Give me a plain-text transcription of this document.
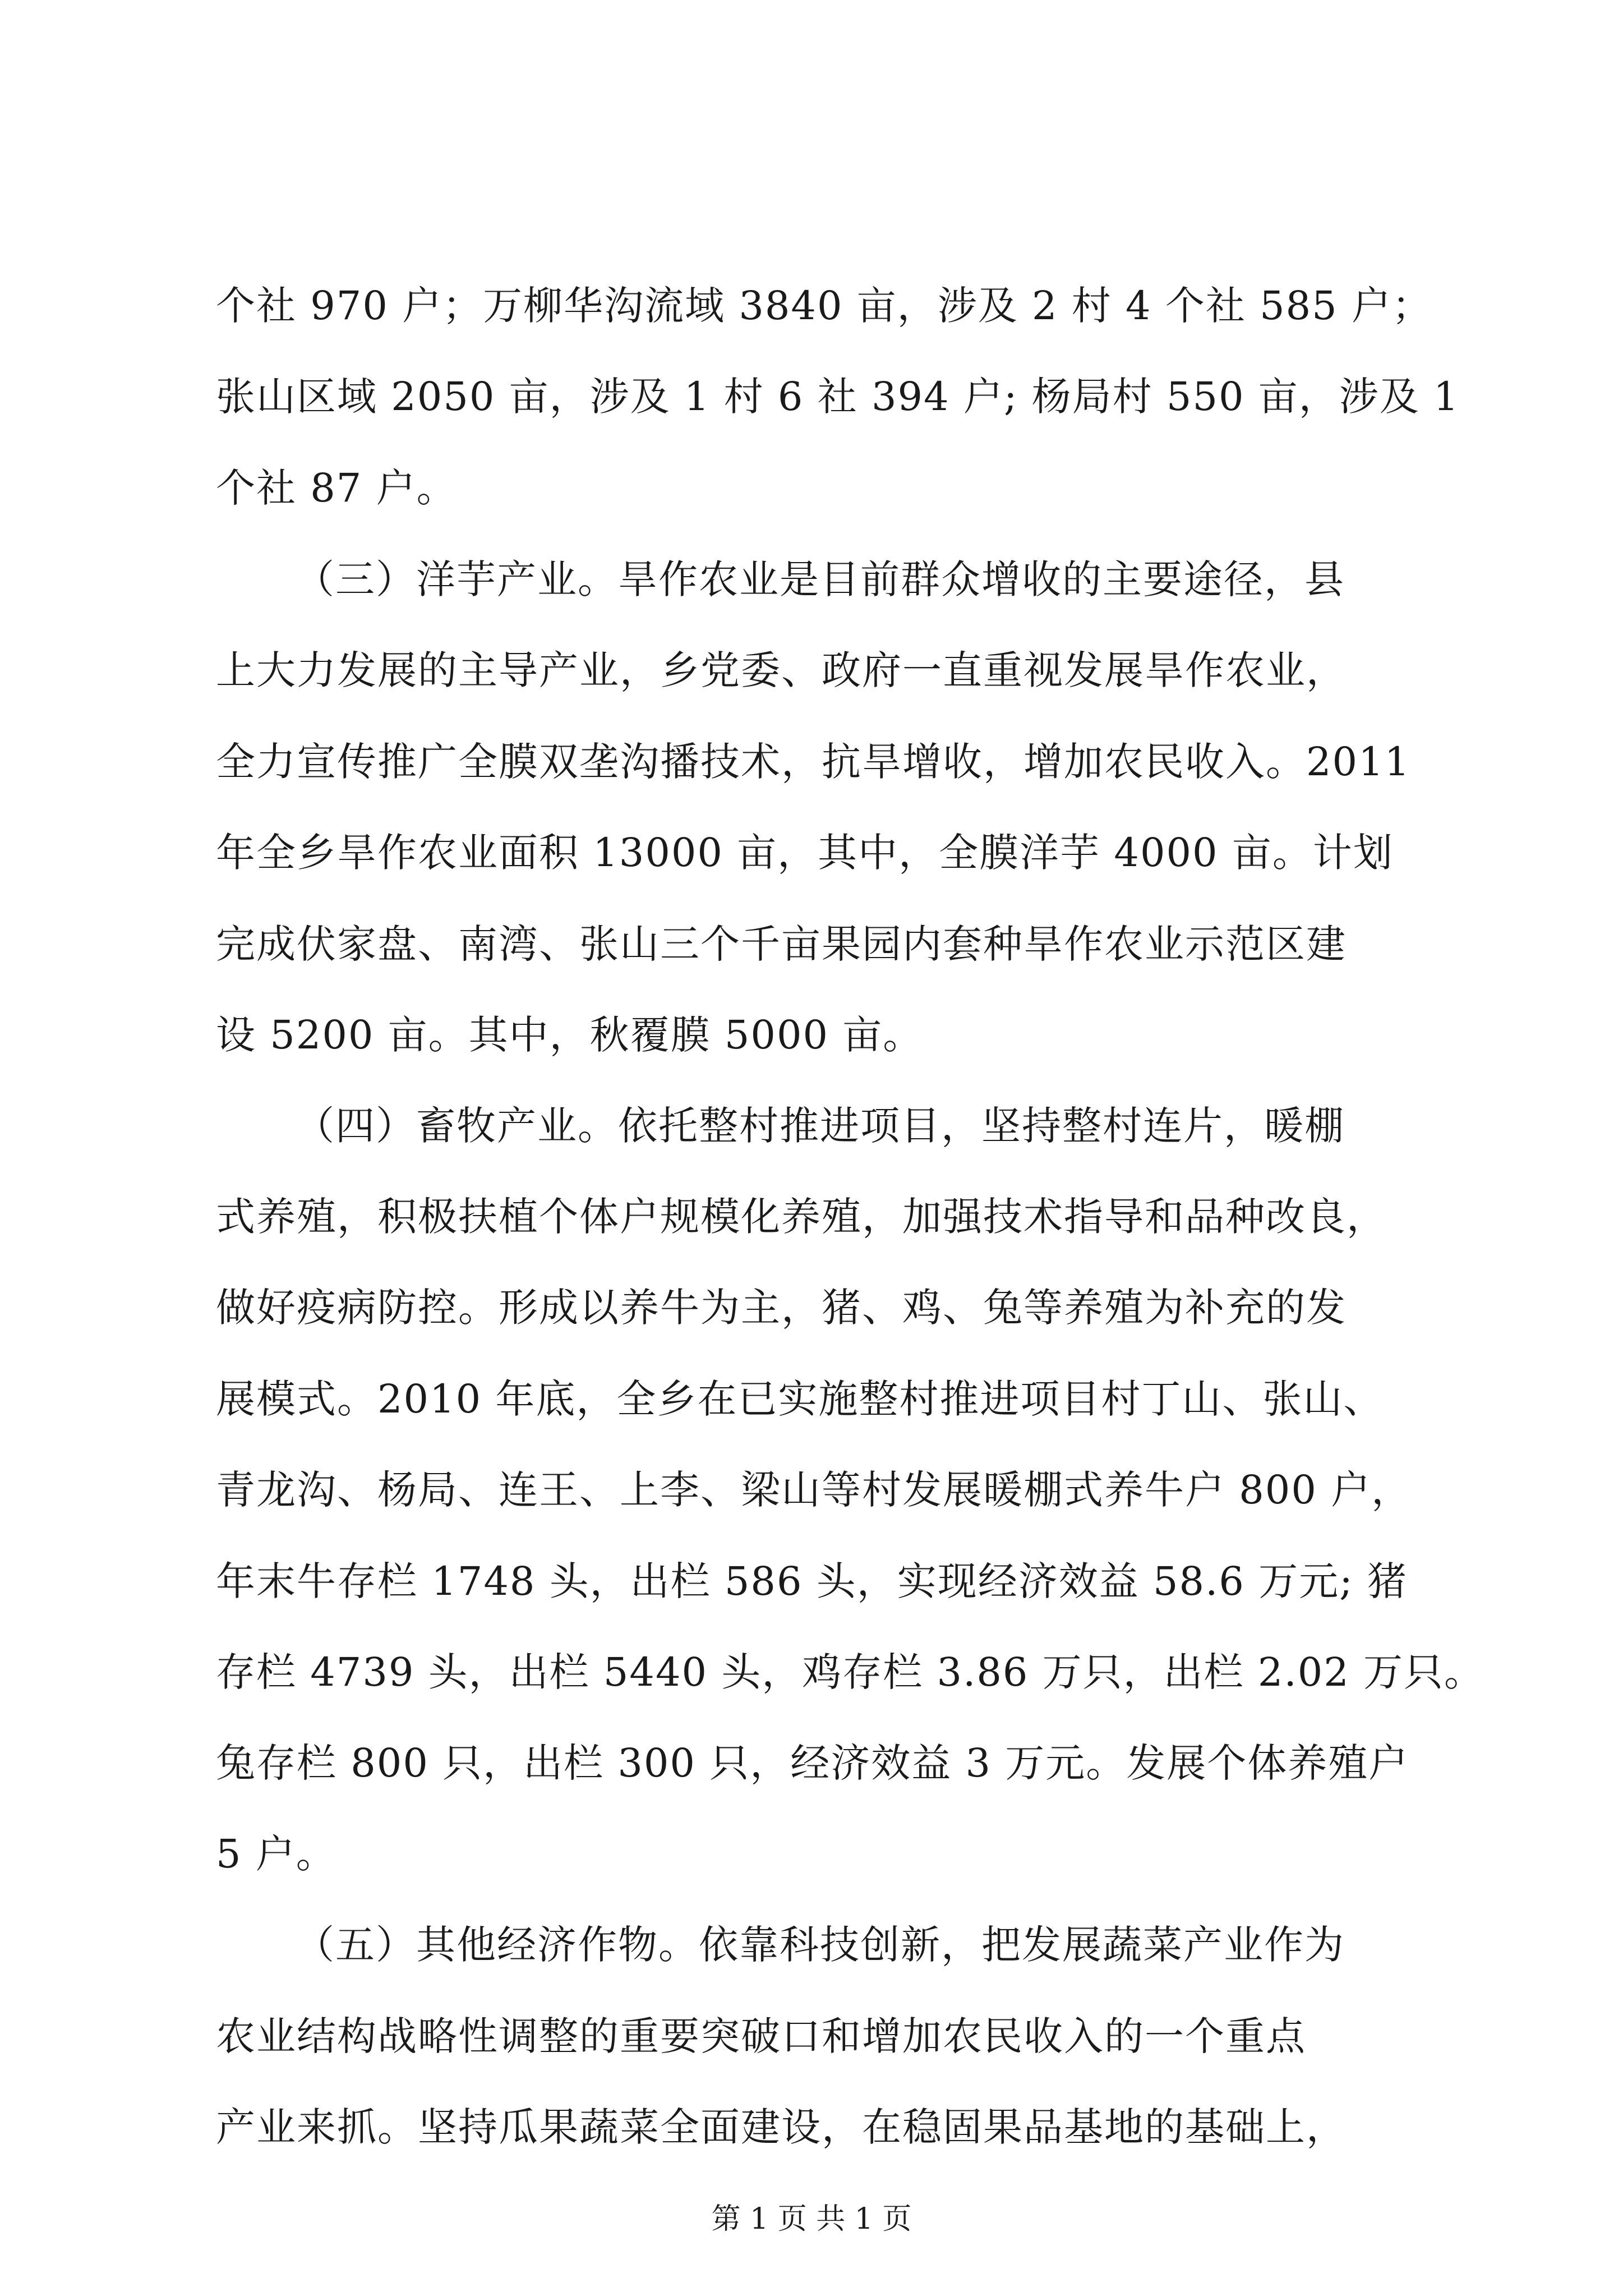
个社 970 户；万柳华沟流域 3840 亩，涉及 2 村 4 个社 585 户；
张山区域 2050 亩，涉及 1 村 6 社 394 户; 杨局村 550 亩，涉及 1
个社 87 户。
（三）洋芋产业。旱作农业是目前群众增收的主要途径，县
上大力发展的主导产业，乡党委、政府一直重视发展旱作农业，
全力宣传推广全膜双垄沟播技术，抗旱增收，增加农民收入。2011
年全乡旱作农业面积 13000 亩，其中，全膜洋芋 4000 亩。计划
完成伏家盘、南湾、张山三个千亩果园内套种旱作农业示范区建
设 5200 亩。其中，秋覆膜 5000 亩。
（四）畜牧产业。依托整村推进项目，坚持整村连片，暖棚
式养殖，积极扶植个体户规模化养殖，加强技术指导和品种改良，
做好疫病防控。形成以养牛为主，猪、鸡、兔等养殖为补充的发
展模式。2010 年底，全乡在已实施整村推进项目村丁山、张山、
青龙沟、杨局、连王、上李、梁山等村发展暖棚式养牛户 800 户，
年末牛存栏 1748 头，出栏 586 头，实现经济效益 58.6 万元; 猪
存栏 4739 头，出栏 5440 头，鸡存栏 3.86 万只，出栏 2.02 万只。
兔存栏 800 只，出栏 300 只，经济效益 3 万元。发展个体养殖户
5 户。
（五）其他经济作物。依靠科技创新，把发展蔬菜产业作为
农业结构战略性调整的重要突破口和增加农民收入的一个重点
产业来抓。坚持瓜果蔬菜全面建设，在稳固果品基地的基础上，
第 1 页 共 1 页
